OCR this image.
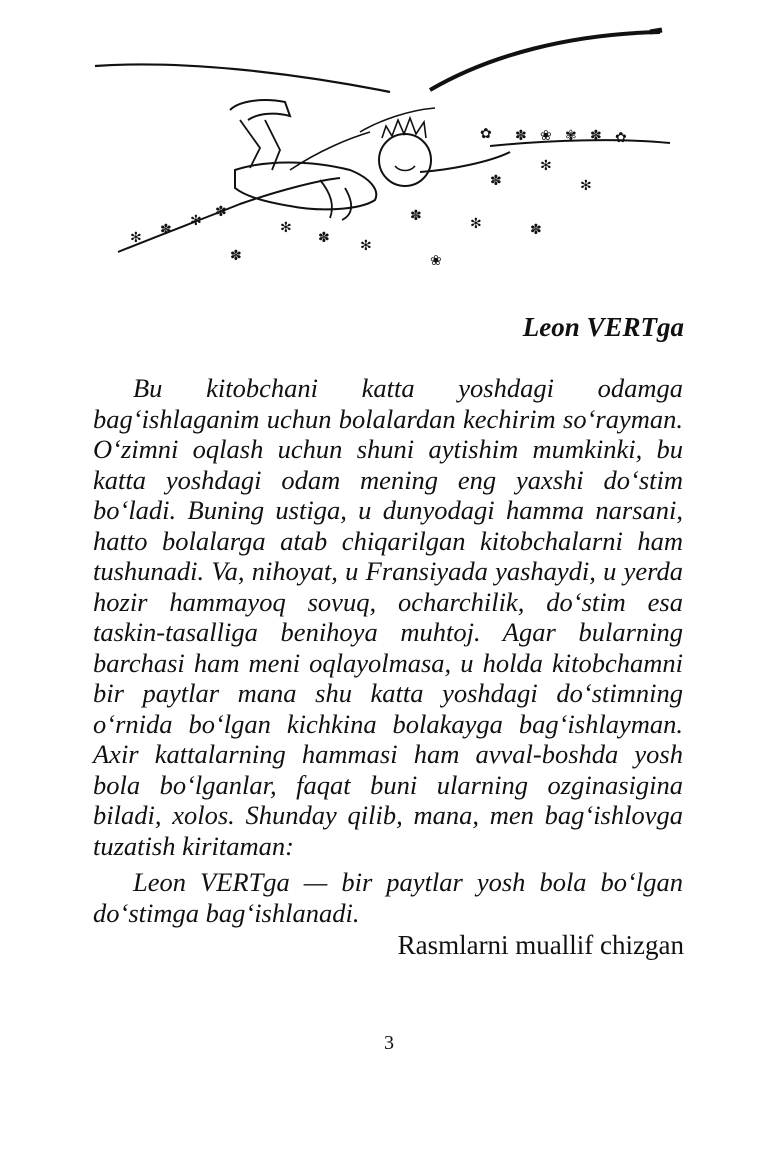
✿ ✽ ❀ ✾ ✽ ✿
✻
✽	✻
✽
✻
✽ ✻
✽	❀
✻	✽
✻ ✽
✻
✽
Leon VERTga

Bu kitobchani katta yoshdagi odamga bag‘ishlaganim uchun bolalardan kechirim so‘rayman. O‘zimni oqlash uchun shuni aytishim mumkinki, bu katta yoshdagi odam mening eng yaxshi do‘stim bo‘ladi. Buning ustiga, u dunyodagi hamma narsani, hatto bolalarga atab chiqarilgan kitobchalarni ham tushunadi. Va, nihoyat, u Fransiyada yashaydi, u yerda hozir hammayoq sovuq, ocharchilik, do‘stim esa taskin-tasalliga benihoya muhtoj. Agar bularning barchasi ham meni oqlayolmasa, u holda kitobchamni bir paytlar mana shu katta yoshdagi do‘stimning o‘rnida bo‘lgan kichkina bolakayga bag‘ishlayman. Axir kattalarning hammasi ham avval-boshda yosh bola bo‘lganlar, faqat buni ularning ozginasigina biladi, xolos. Shunday qilib, mana, men bag‘ishlovga tuzatish kiritaman:

Leon VERTga — bir paytlar yosh bola bo‘lgan do‘stimga bag‘ishlanadi.

Rasmlarni muallif chizgan

3
